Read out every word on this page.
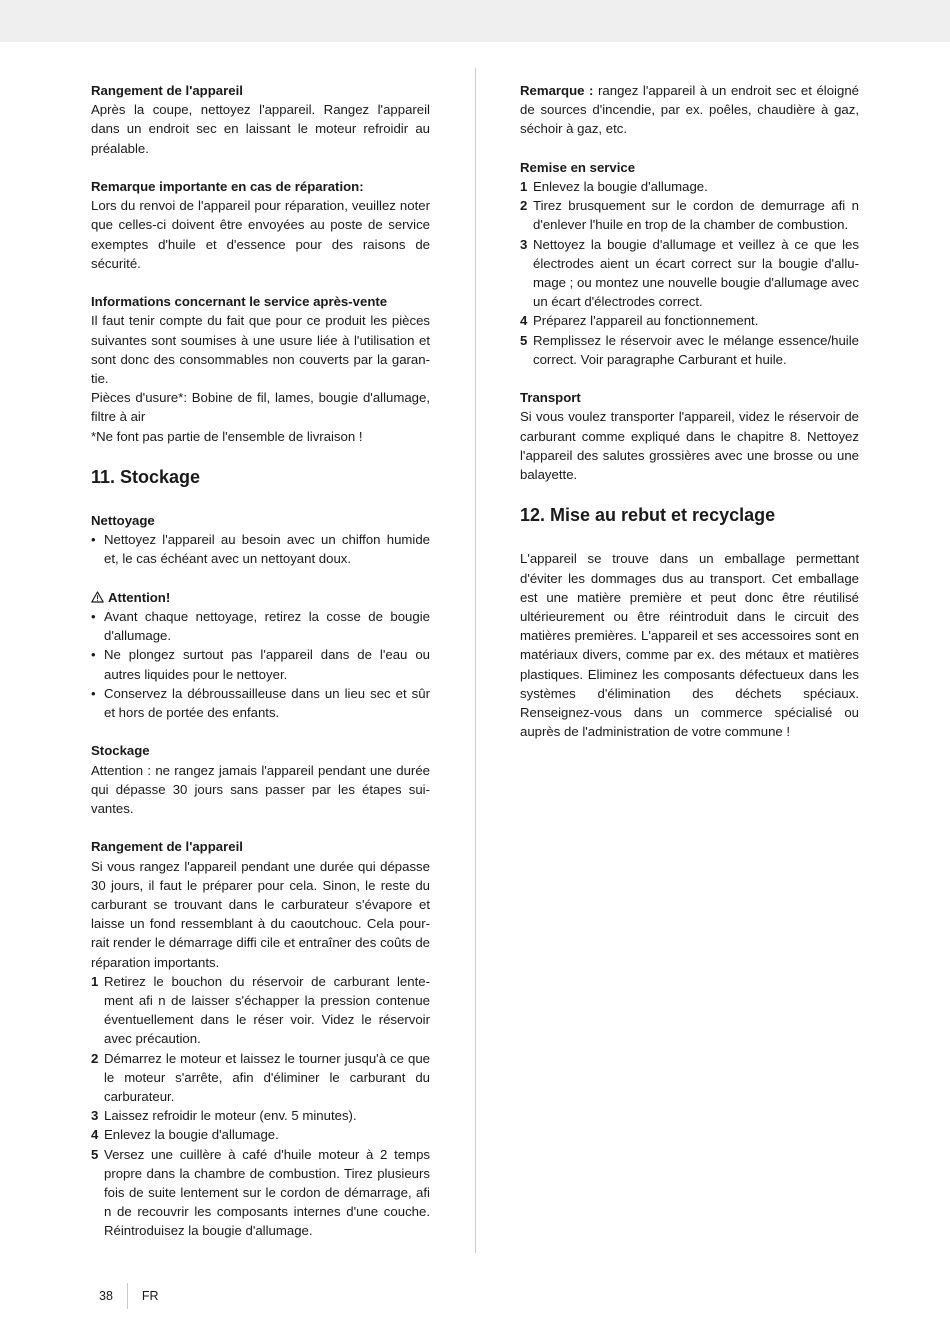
Rangement de l'appareil

Après la coupe, nettoyez l'appareil. Rangez l'appareil dans un endroit sec en laissant le moteur refroidir au préalable.

Remarque importante en cas de réparation:

Lors du renvoi de l'appareil pour réparation, veuillez noter que celles-ci doivent être envoyées au poste de service exemptes d'huile et d'essence pour des raisons de sécurité.

Informations concernant le service après-vente

Il faut tenir compte du fait que pour ce produit les pièces suivantes sont soumises à une usure liée à l'utilisation et sont donc des consommables non couverts par la garan-tie.

Pièces d'usure*: Bobine de fil, lames, bougie d'allumage, filtre à air

*Ne font pas partie de l'ensemble de livraison !

11. Stockage
Nettoyage
• Nettoyez l'appareil au besoin avec un chiffon humide et, le cas échéant avec un nettoyant doux.
Attention!
• Avant chaque nettoyage, retirez la cosse de bougie d'allumage.
• Ne plongez surtout pas l'appareil dans de l'eau ou autres liquides pour le nettoyer.
• Conservez la débroussailleuse dans un lieu sec et sûr et hors de portée des enfants.
Stockage

Attention : ne rangez jamais l'appareil pendant une durée qui dépasse 30 jours sans passer par les étapes sui-vantes.

Rangement de l'appareil

Si vous rangez l'appareil pendant une durée qui dépasse 30 jours, il faut le préparer pour cela. Sinon, le reste du carburant se trouvant dans le carburateur s'évapore et laisse un fond ressemblant à du caoutchouc. Cela pour-rait render le démarrage diffi cile et entraîner des coûts de réparation importants.

1 Retirez le bouchon du réservoir de carburant lente-ment afi n de laisser s'échapper la pression contenue éventuellement dans le réser voir. Videz le réservoir avec précaution.
2 Démarrez le moteur et laissez le tourner jusqu'à ce que le moteur s'arrête, afin d'éliminer le carburant du carburateur.
3 Laissez refroidir le moteur (env. 5 minutes).
4 Enlevez la bougie d'allumage.
5 Versez une cuillère à café d'huile moteur à 2 temps propre dans la chambre de combustion. Tirez plusieurs fois de suite lentement sur le cordon de démarrage, afi n de recouvrir les composants internes d'une couche. Réintroduisez la bougie d'allumage.

Remarque : rangez l'appareil à un endroit sec et éloigné de sources d'incendie, par ex. poêles, chaudière à gaz, séchoir à gaz, etc.

Remise en service
1 Enlevez la bougie d'allumage.
2 Tirez brusquement sur le cordon de demurrage afi n d'enlever l'huile en trop de la chamber de combustion.
3 Nettoyez la bougie d'allumage et veillez à ce que les électrodes aient un écart correct sur la bougie d'allu-mage ; ou montez une nouvelle bougie d'allumage avec un écart d'électrodes correct.
4 Préparez l'appareil au fonctionnement.
5 Remplissez le réservoir avec le mélange essence/huile correct. Voir paragraphe Carburant et huile.
Transport

Si vous voulez transporter l'appareil, videz le réservoir de carburant comme expliqué dans le chapitre 8. Nettoyez l'appareil des salutes grossières avec une brosse ou une balayette.

12. Mise au rebut et recyclage

L'appareil se trouve dans un emballage permettant d'éviter les dommages dus au transport. Cet emballage est une matière première et peut donc être réutilisé ultérieurement ou être réintroduit dans le circuit des matières premières. L'appareil et ses accessoires sont en matériaux divers, comme par ex. des métaux et matières plastiques. Eliminez les composants défectueux dans les systèmes d'élimination des déchets spéciaux. Renseignez-vous dans un commerce spécialisé ou auprès de l'administration de votre commune !

38 FR
